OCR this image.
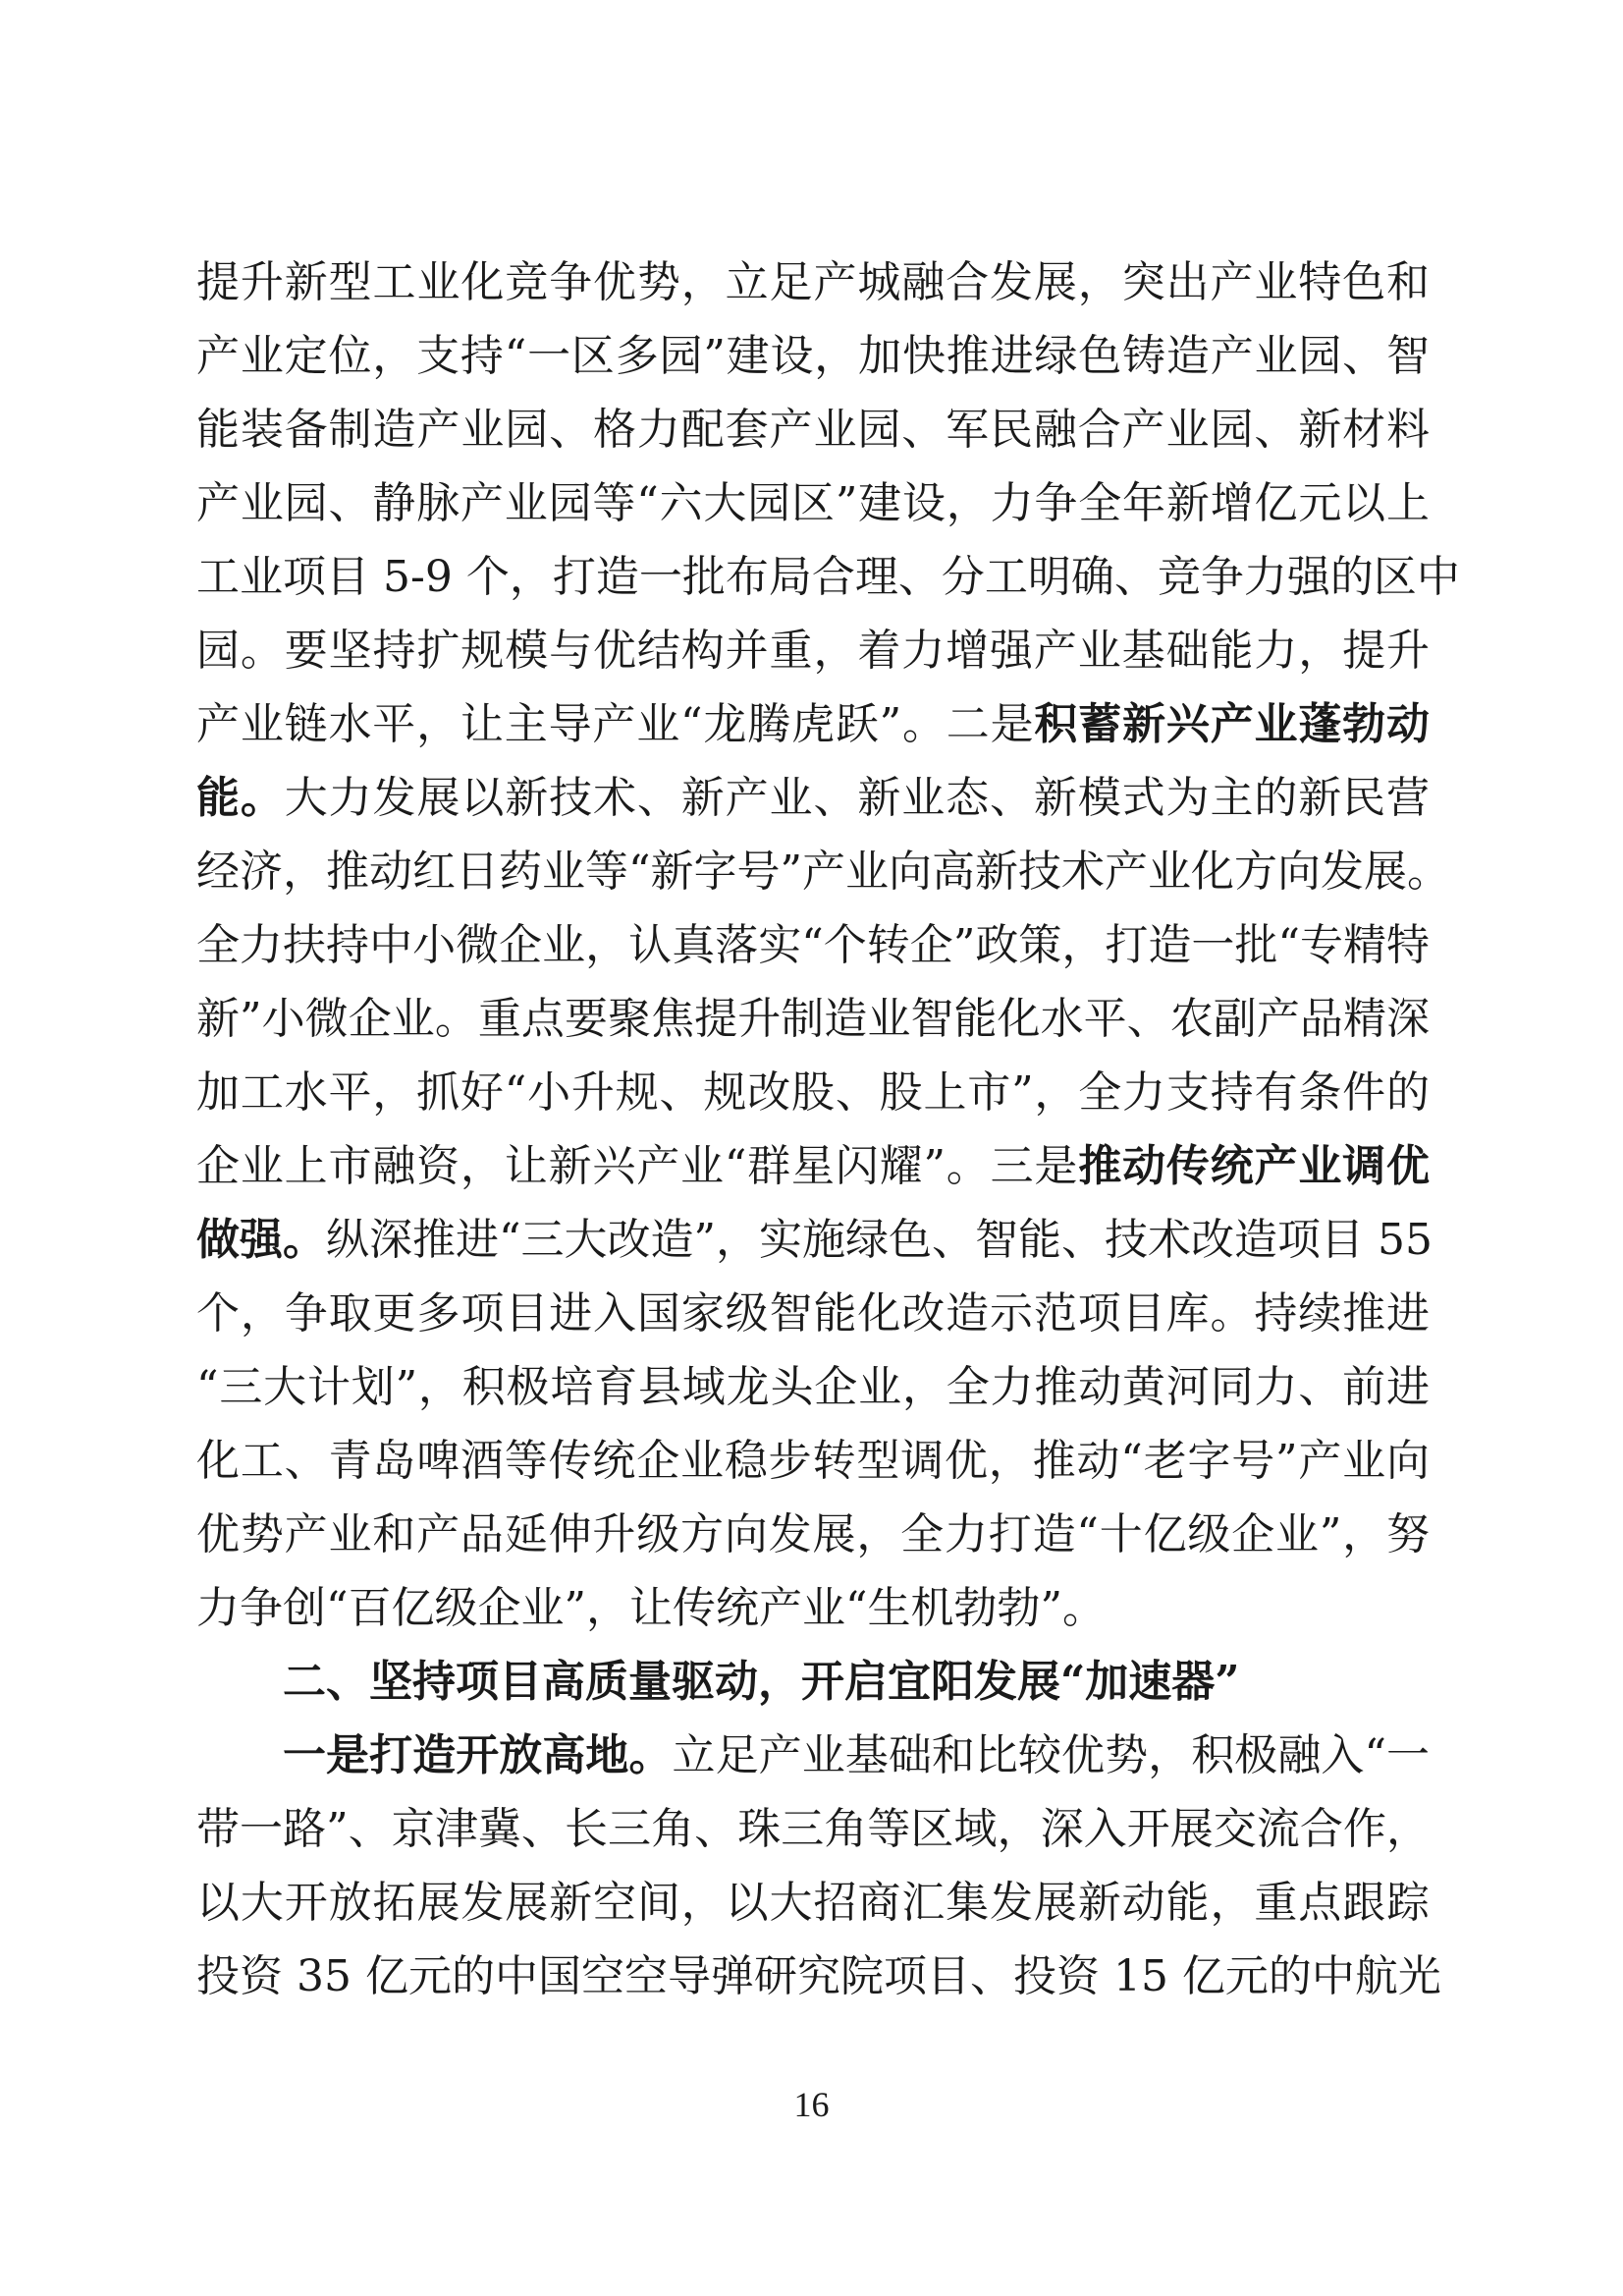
提升新型工业化竞争优势，立足产城融合发展，突出产业特色和
产业定位，支持“一区多园”建设，加快推进绿色铸造产业园、智
能装备制造产业园、格力配套产业园、军民融合产业园、新材料
产业园、静脉产业园等“六大园区”建设，力争全年新增亿元以上
工业项目 5-9 个，打造一批布局合理、分工明确、竞争力强的区中
园。要坚持扩规模与优结构并重，着力增强产业基础能力，提升
产业链水平，让主导产业“龙腾虎跃”。二是积蓄新兴产业蓬勃动
能。大力发展以新技术、新产业、新业态、新模式为主的新民营
经济，推动红日药业等“新字号”产业向高新技术产业化方向发展。
全力扶持中小微企业，认真落实“个转企”政策，打造一批“专精特
新”小微企业。重点要聚焦提升制造业智能化水平、农副产品精深
加工水平，抓好“小升规、规改股、股上市”，全力支持有条件的
企业上市融资，让新兴产业“群星闪耀”。三是推动传统产业调优
做强。纵深推进“三大改造”，实施绿色、智能、技术改造项目 55
个，争取更多项目进入国家级智能化改造示范项目库。持续推进
“三大计划”，积极培育县域龙头企业，全力推动黄河同力、前进
化工、青岛啤酒等传统企业稳步转型调优，推动“老字号”产业向
优势产业和产品延伸升级方向发展，全力打造“十亿级企业”，努
力争创“百亿级企业”，让传统产业“生机勃勃”。
二、坚持项目高质量驱动，开启宜阳发展“加速器”
一是打造开放高地。立足产业基础和比较优势，积极融入“一
带一路”、京津冀、长三角、珠三角等区域，深入开展交流合作，
以大开放拓展发展新空间，以大招商汇集发展新动能，重点跟踪
投资 35 亿元的中国空空导弹研究院项目、投资 15 亿元的中航光
16
